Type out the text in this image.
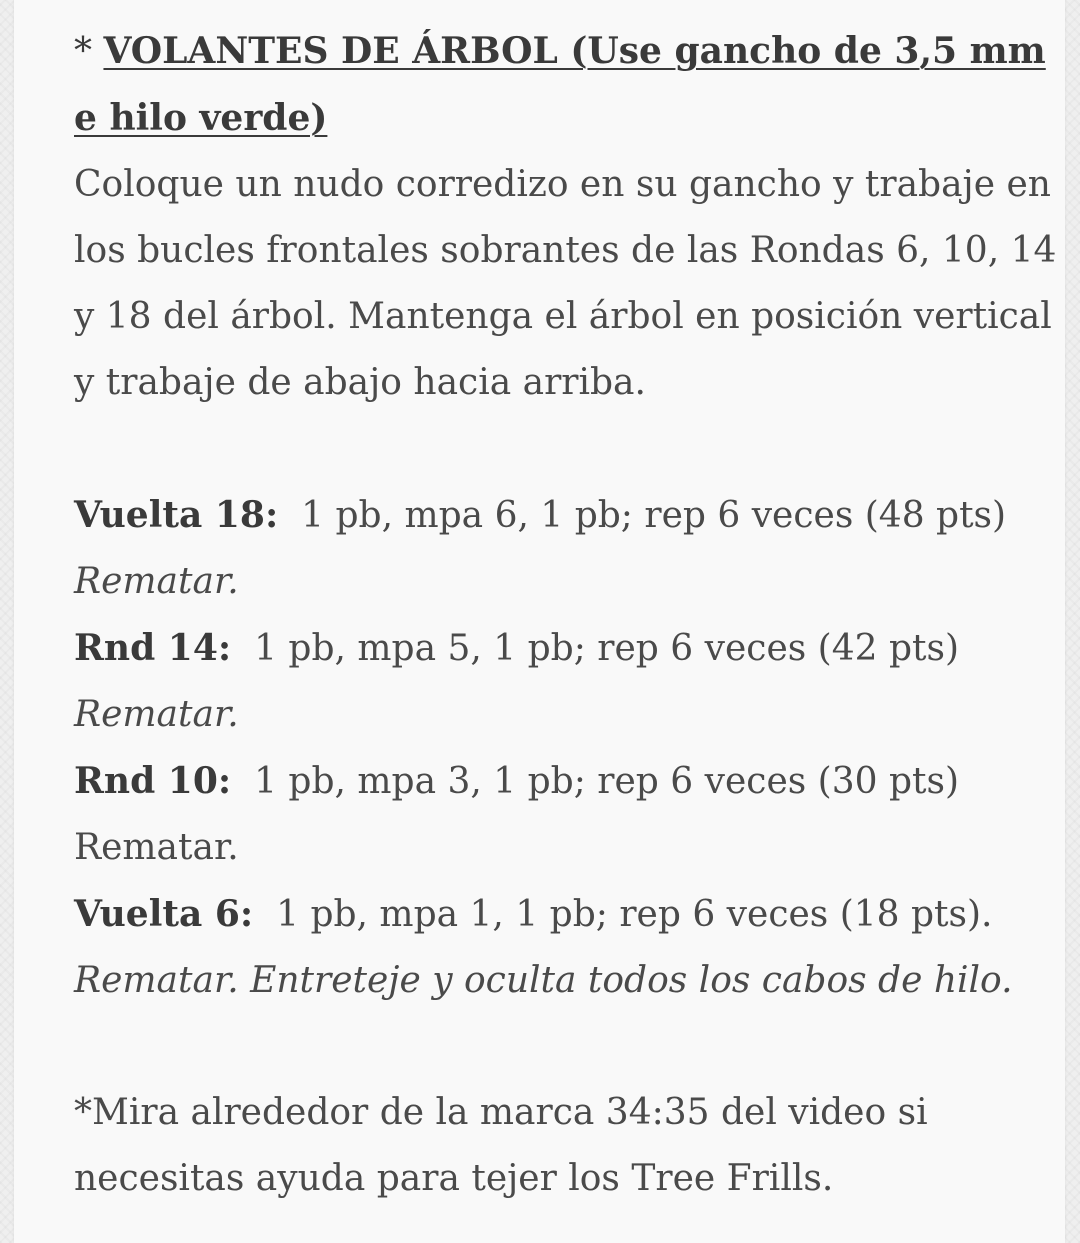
* VOLANTES DE ÁRBOL (Use gancho de 3,5 mm e hilo verde)

Coloque un nudo corredizo en su gancho y trabaje en los bucles frontales sobrantes de las Rondas 6, 10, 14 y 18 del árbol. Mantenga el árbol en posición vertical y trabaje de abajo hacia arriba.

Vuelta 18: 1 pb, mpa 6, 1 pb; rep 6 veces (48 pts)

Rematar.

Rnd 14: 1 pb, mpa 5, 1 pb; rep 6 veces (42 pts)

Rematar.

Rnd 10: 1 pb, mpa 3, 1 pb; rep 6 veces (30 pts)

Rematar.

Vuelta 6: 1 pb, mpa 1, 1 pb; rep 6 veces (18 pts).

Rematar. Entreteje y oculta todos los cabos de hilo.

*Mira alrededor de la marca 34:35 del video si necesitas ayuda para tejer los Tree Frills.
